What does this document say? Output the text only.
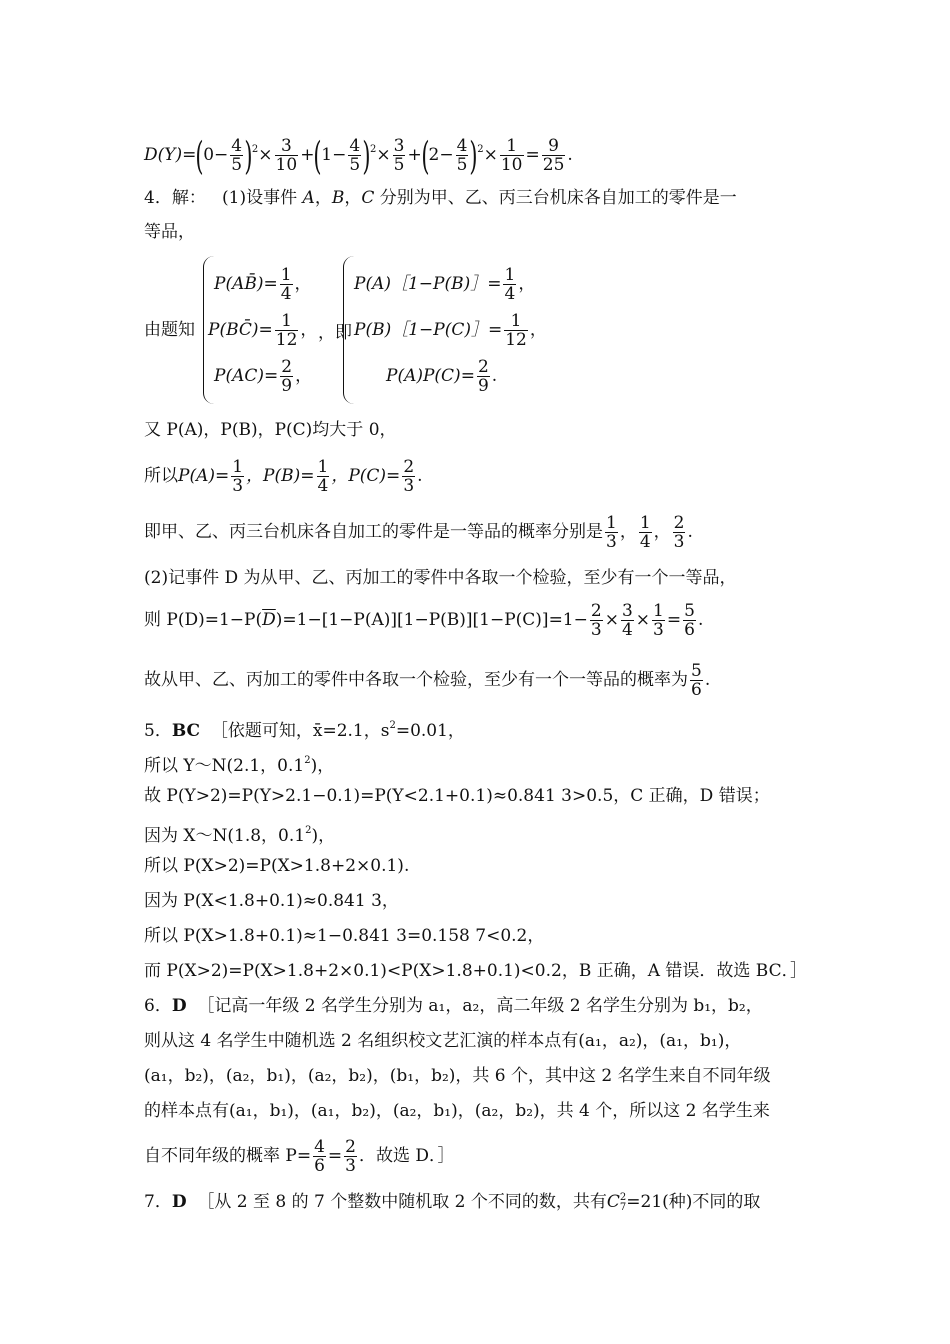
$D(Y)=(0- \frac{4}{5} )^2\times \frac{3}{10} +(1- \frac{4}{5} )^2\times \frac{3}{5} +(2- \frac{4}{5} )^2\times \frac{1}{10} = \frac{9}{25}$ .
4．解： (1)设事件 A，B，C 分别为甲、乙、丙三台机床各自加工的零件是一
等品，
由题知
P(AB̄)= $\frac{1}{4}$ ，
P(BC̄)= $\frac{1}{12}$ ，
$P(AC)= \frac{2}{9}$ ，
，即
P(A)［1−P(B)］= $\frac{1}{4}$ ，
P(B)［1−P(C)］= $\frac{1}{12}$ ，
$P(A)P(C)= \frac{2}{9}$ .
又 P(A)，P(B)，P(C)均大于 0，
所以$P(A)= \frac{1}{3}$ ，$P(B)= \frac{1}{4}$ ，$P(C)= \frac{2}{3}$ .
即甲、乙、丙三台机床各自加工的零件是一等品的概率分别是 $\frac{1}{3}$ ， $\frac{1}{4}$ ， $\frac{2}{3}$ .
(2)记事件 D 为从甲、乙、丙加工的零件中各取一个检验，至少有一个一等品，
则 $P(D)=1-P(\overline{D})=1-[1-P(A)][1-P(B)][1-P(C)]=1- \frac{2}{3} \times \frac{3}{4} \times \frac{1}{3} = \frac{5}{6}$ .
故从甲、乙、丙加工的零件中各取一个检验，至少有一个一等品的概率为 $\frac{5}{6}$ .
5．BC ［依题可知，x̄=2.1，$s^2=0.01$，
所以 Y～N(2.1，$0.1^2$)，
故 P(Y>2)=P(Y>2.1−0.1)=P(Y<2.1+0.1)≈0.841 3>0.5，C 正确，D 错误；
因为 X～N(1.8，$0.1^2$)，
所以 P(X>2)=P(X>1.8+2×0.1).
因为 P(X<1.8+0.1)≈0.841 3，
所以 P(X>1.8+0.1)≈1−0.841 3=0.158 7<0.2，
而 P(X>2)=P(X>1.8+2×0.1)<P(X>1.8+0.1)<0.2，B 正确，A 错误．故选 BC．］
6．D ［记高一年级 2 名学生分别为 a₁，a₂，高二年级 2 名学生分别为 b₁，b₂，
则从这 4 名学生中随机选 2 名组织校文艺汇演的样本点有(a₁，a₂)，(a₁，b₁)，
(a₁，b₂)，(a₂，b₁)，(a₂，b₂)，(b₁，b₂)，共 6 个，其中这 2 名学生来自不同年级
的样本点有(a₁，b₁)，(a₁，b₂)，(a₂，b₁)，(a₂，b₂)，共 4 个，所以这 2 名学生来
自不同年级的概率 $P= \frac{4}{6} = \frac{2}{3}$ ．故选 D．］
7．D ［从 2 至 8 的 7 个整数中随机取 2 个不同的数，共有C 2
7 =21(种)不同的取
